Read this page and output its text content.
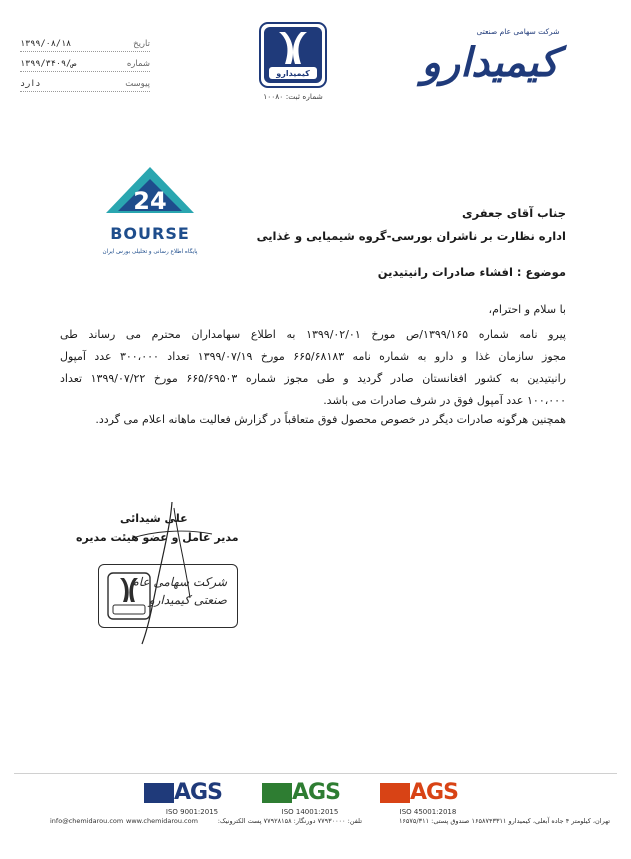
تاریخ
۱۳۹۹/۰۸/۱۸
شماره
۱۳۹۹/۳۴۰۹/ص
پیوست
دارد
کیمیدارو
شماره ثبت: ۱۰۰۸۰
شرکت سهامی عام صنعتی
کیمیدارو
24
BOURSE
پایگاه اطلاع رسانی و تحلیلی بورس ایران
جناب آقای جعفری
اداره نظارت بر ناشران بورسی-گروه شیمیایی و غذایی
موضوع : افشاء صادرات رانیتیدین
با سلام و احترام،
پیرو نامه شماره ۱۳۹۹/۱۶۵/ص مورخ ۱۳۹۹/۰۲/۰۱ به اطلاع سهامداران محترم می رساند طی
مجوز سازمان غذا و دارو به شماره نامه ۶۶۵/۶۸۱۸۳ مورخ ۱۳۹۹/۰۷/۱۹ تعداد ۳۰۰،۰۰۰ عدد آمپول
رانیتیدین به کشور افغانستان صادر گردید و طی مجوز شماره ۶۶۵/۶۹۵۰۳ مورخ ۱۳۹۹/۰۷/۲۲ تعداد
۱۰۰،۰۰۰ عدد آمپول فوق در شرف صادرات می باشد.
همچنین هرگونه صادرات دیگر در خصوص محصول فوق متعاقباً در گزارش فعالیت ماهانه اعلام می گردد.
علی شیدائی
مدیر عامل و عضو هیئت مدیره
شرکت سهامی عام
صنعتی کیمیدارو
AGS
ISO 9001:2015
AGS
ISO 14001:2015
AGS
ISO 45001:2018
تهران، کیلومتر ۴ جاده آبعلی، کیمیدارو ۱۶۵۸۷۴۳۳۱۱ صندوق پستی: ۱۶۵۷۵/۳۱۱
تلفن: ۷۷۹۳۰۰۰۰ دورنگار: ۷۷۹۲۸۱۵۸ پست الکترونیک:
www.chemidarou.com
info@chemidarou.com
